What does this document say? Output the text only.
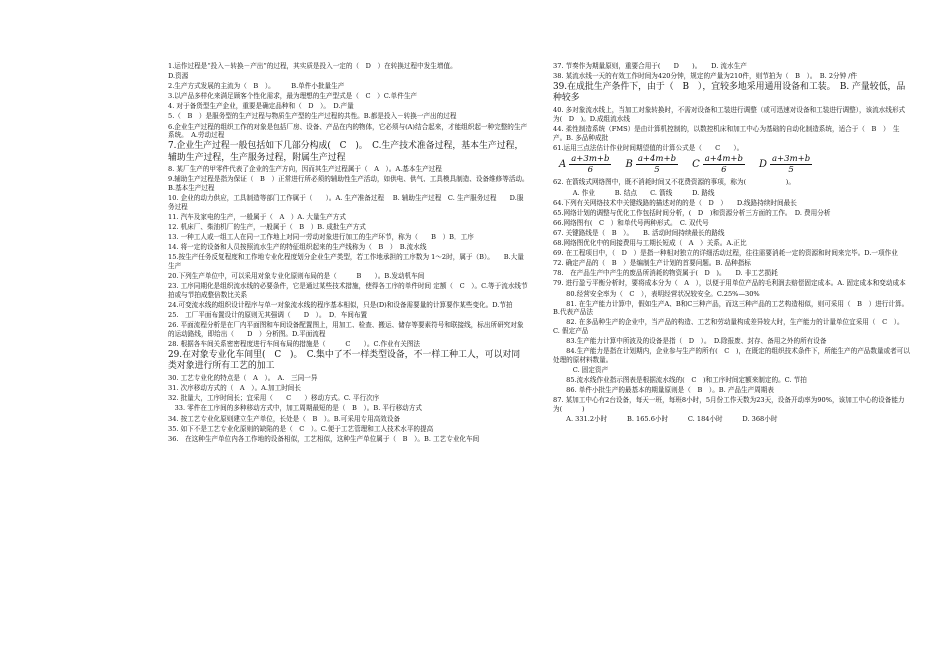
1.运作过程是“投入－转换－产出”的过程，其实质是投入一定的（　D　）在转换过程中发生增值。

D.资源

2.生产方式发展的主流为（　B　）。　　　B.单件小批量生产

3.以产品多样化来满足顾客个性化需求，最为理想的生产型式是（　C　）C.单件生产

4. 对于备货型生产企业，重要是确定品种和（　D　）。　D.产量

5.（　B　）是服务型的生产过程与物质生产型的生产过程的共性。B.都是投入－转换一产出的过程

6.企业生产过程的组织工作的对象是包括厂房、设备、产品在内的物体，它必须与(A)结合起来，才能组织起一种完整的生产系统。　A.劳动过程

7.企业生产过程一般包括如下几部分构成(　C　)。　C.生产技术准备过程，基本生产过程，辅助生产过程，生产服务过程，附属生产过程

8. 某厂生产的甲零件代表了企业的生产方向，因而其生产过程属于（　A　）。A.基本生产过程

9.辅助生产过程是指为保证（　B　）正常进行所必须的辅助性生产活动，如供电、供气、工具模具制造、设备维修等活动。　B.基本生产过程

10. 企业的动力供应，工具制造等部门工作属于（　　）。A. 生产准备过程　 B. 辅助生产过程　C. 生产服务过程　　D.服务过程

11. 汽车及家电的生产，一般属于（　A　）A. 大量生产方式

12. 机床厂、柴油机厂的生产，一般属于（　B　）B. 成批生产方式

13. 一种工人或一组工人在同一工作地上对同一劳动对象进行加工的生产环节，称为（　　B　）B．工序

14. 将一定的设备和人员按照流水生产的特征组织起来的生产线称为（　B　）　B.流水线

15.按生产任务反复程度和工作地专业化程度划分企业生产类型，若工作地承担的工序数为 1～2时，属于（B）。　　B.大量生产

20.下列生产单位中，可以采用对象专业化原则布局的是（　　　B　　）。B.发动机车间

23. 工序同期化是组织流水线的必要条件，它是通过某些技术措施，使得各工序的单件时间 定额（　C　）。C.等于流水线节拍或与节拍成整倍数比关系

24.可变流水线的组织设计程序与单一对象流水线的程序基本相似，只是(D)和设备需要量的计算要作某些变化。D.节拍

25.　工厂平面布置设计的原则无其强调（　　D　）。　D．车间布置

26. 平面流程分析是在厂内平面图和车间设备配置图上，用加工、检查、搬运、储存等要素符号和联接线，标出所研究对象的运动路线，即给出（　　D　）分析图。D.平面流程

28. 根据各车间关系密密程度进行车间布局的措施是（　　　C　　）。C.作业有关图法

29.在对象专业化车间里(　C　)。　C.集中了不一样类型设备，不一样工种工人，可以对同类对象进行所有工艺的加工

30. 工艺专业化的特点是（　A　）。　A.　三同一异

31. 次序移动方式的（　A　）。A.加工时间长

32. 批量大，工序时间长；宜采用（　　C　　）移动方式。C. 平行次序

　33. 零件在工序间的多种移动方式中，加工周期最短的是（　B　）。B. 平行移动方式

34. 按工艺专业化原则建立生产单位，长处是（　B　）。B.可采用专用高效设备

35. 如下不是工艺专业化原则的缺陷的是（　C　）。C.便于工艺管理和工人技术水平的提高

36.　在这种生产单位内各工作地的设备相似，工艺相似，这种生产单位属于（　B　）。B. 工艺专业化车间

37. 节奏作为期量原则，重要合用于(　　D　　)。　　D. 流水生产

38. 某流水线一天的有效工作时间为420分钟，规定的产量为210件，则节拍为（　B　）。　B. 2分钟 /件

39.在成批生产条件下，由于（　B　），宜较多地采用通用设备和工装。　B. 产量较低，品种较多

40. 多对象流水线上，当加工对象转换时，不需对设备和工装进行调整（或可迅速对设备和工装进行调整），该流水线形式为(　D　)。D.成组流水线

44. 柔性制造系统（FMS）是由计算机控制的，以数控机床和加工中心为基础的自动化制造系统，适合于（　B　）　生产。B. 多品种成批

61.运用三点法估计作业时间期望值的计算公式是（　　C　　）。

A $\frac{a+3m+b}{6}$ B $\frac{a+4m+b}{5}$ C $\frac{a+4m+b}{6}$ D $\frac{a+3m+b}{5}$

62. 在箭线式网络图中，既不消耗时间又不花费资源的事项，称为(　　　　　　)。

　　　A. 作业　　　B. 结点　　C. 箭线　　　D. 路线

64.下列有关网络技术中关键线路的描述对的的是（　D　）　　D.线路持续时间最长

65.网络计划的调整与优化工作包括时间分析，(　D　)和资源分析三方面的工作。　D. 费用分析

66.网络图有(　C　）和单代号两种形式。　C. 双代号

67. 关键路线是（　B　）。　　B. 活动时间持续最长的路线

68.网络图优化中的间接费用与工期长短成（　A　）关系。A.正比

69. 在工程项目中，（　D　）是指一种相对独立的详细活动过程，往往需要消耗一定的资源和时间来完毕。D.一项作业

72. 确定产品的（　B　）是编制生产计划的首要问题。B. 品种指标

78.　在产品生产中产生的废品所消耗的物资属于(　D　)。　　D. 非工艺损耗

79. 进行盈亏平衡分析时，要将成本分为（　A　），以便于用单位产品的毛利润去赔偿固定成本。A. 固定成本和变动成本

　　80.经营安全率为（　C　），表明经营状况较安全。C.25%—30%

　　81. 在生产能力计算中，假如生产A、B和C三种产品，而这三种产品的工艺构造相似，则可采用（　B　）进行计算。B.代表产品法

　　82. 在多品种生产的企业中，当产品的构造、工艺和劳动量构成差异较大时，生产能力的计量单位宜采用（　C　）。　C. 假定产品

　　83.生产能力计算中所波及的设备是指（　D　）。　D.除报废、封存、备用之外的所有设备

　　84.生产能力是指在计划期内，企业参与生产的所有(　C　)，在既定的组织技术条件下，所能生产的产品数量或者可以处理的原材料数量。

　　　C. 固定资产

　　85.流水线作业指示图表是根据流水线的(　C　)和工序时间定额来制定的。C. 节拍

　　86. 单件小批生产的最基本的期量原则是（　B　）。B. 产品生产周期表

87. 某加工中心有2台设备，每天一班，每班8小时，5月份工作天数为23天，设备开动率为90%，该加工中心的设备能力为(　　　)

　　A. 331.2小时　　　B. 165.6小时　　　C. 184小时　　　D. 368小时
